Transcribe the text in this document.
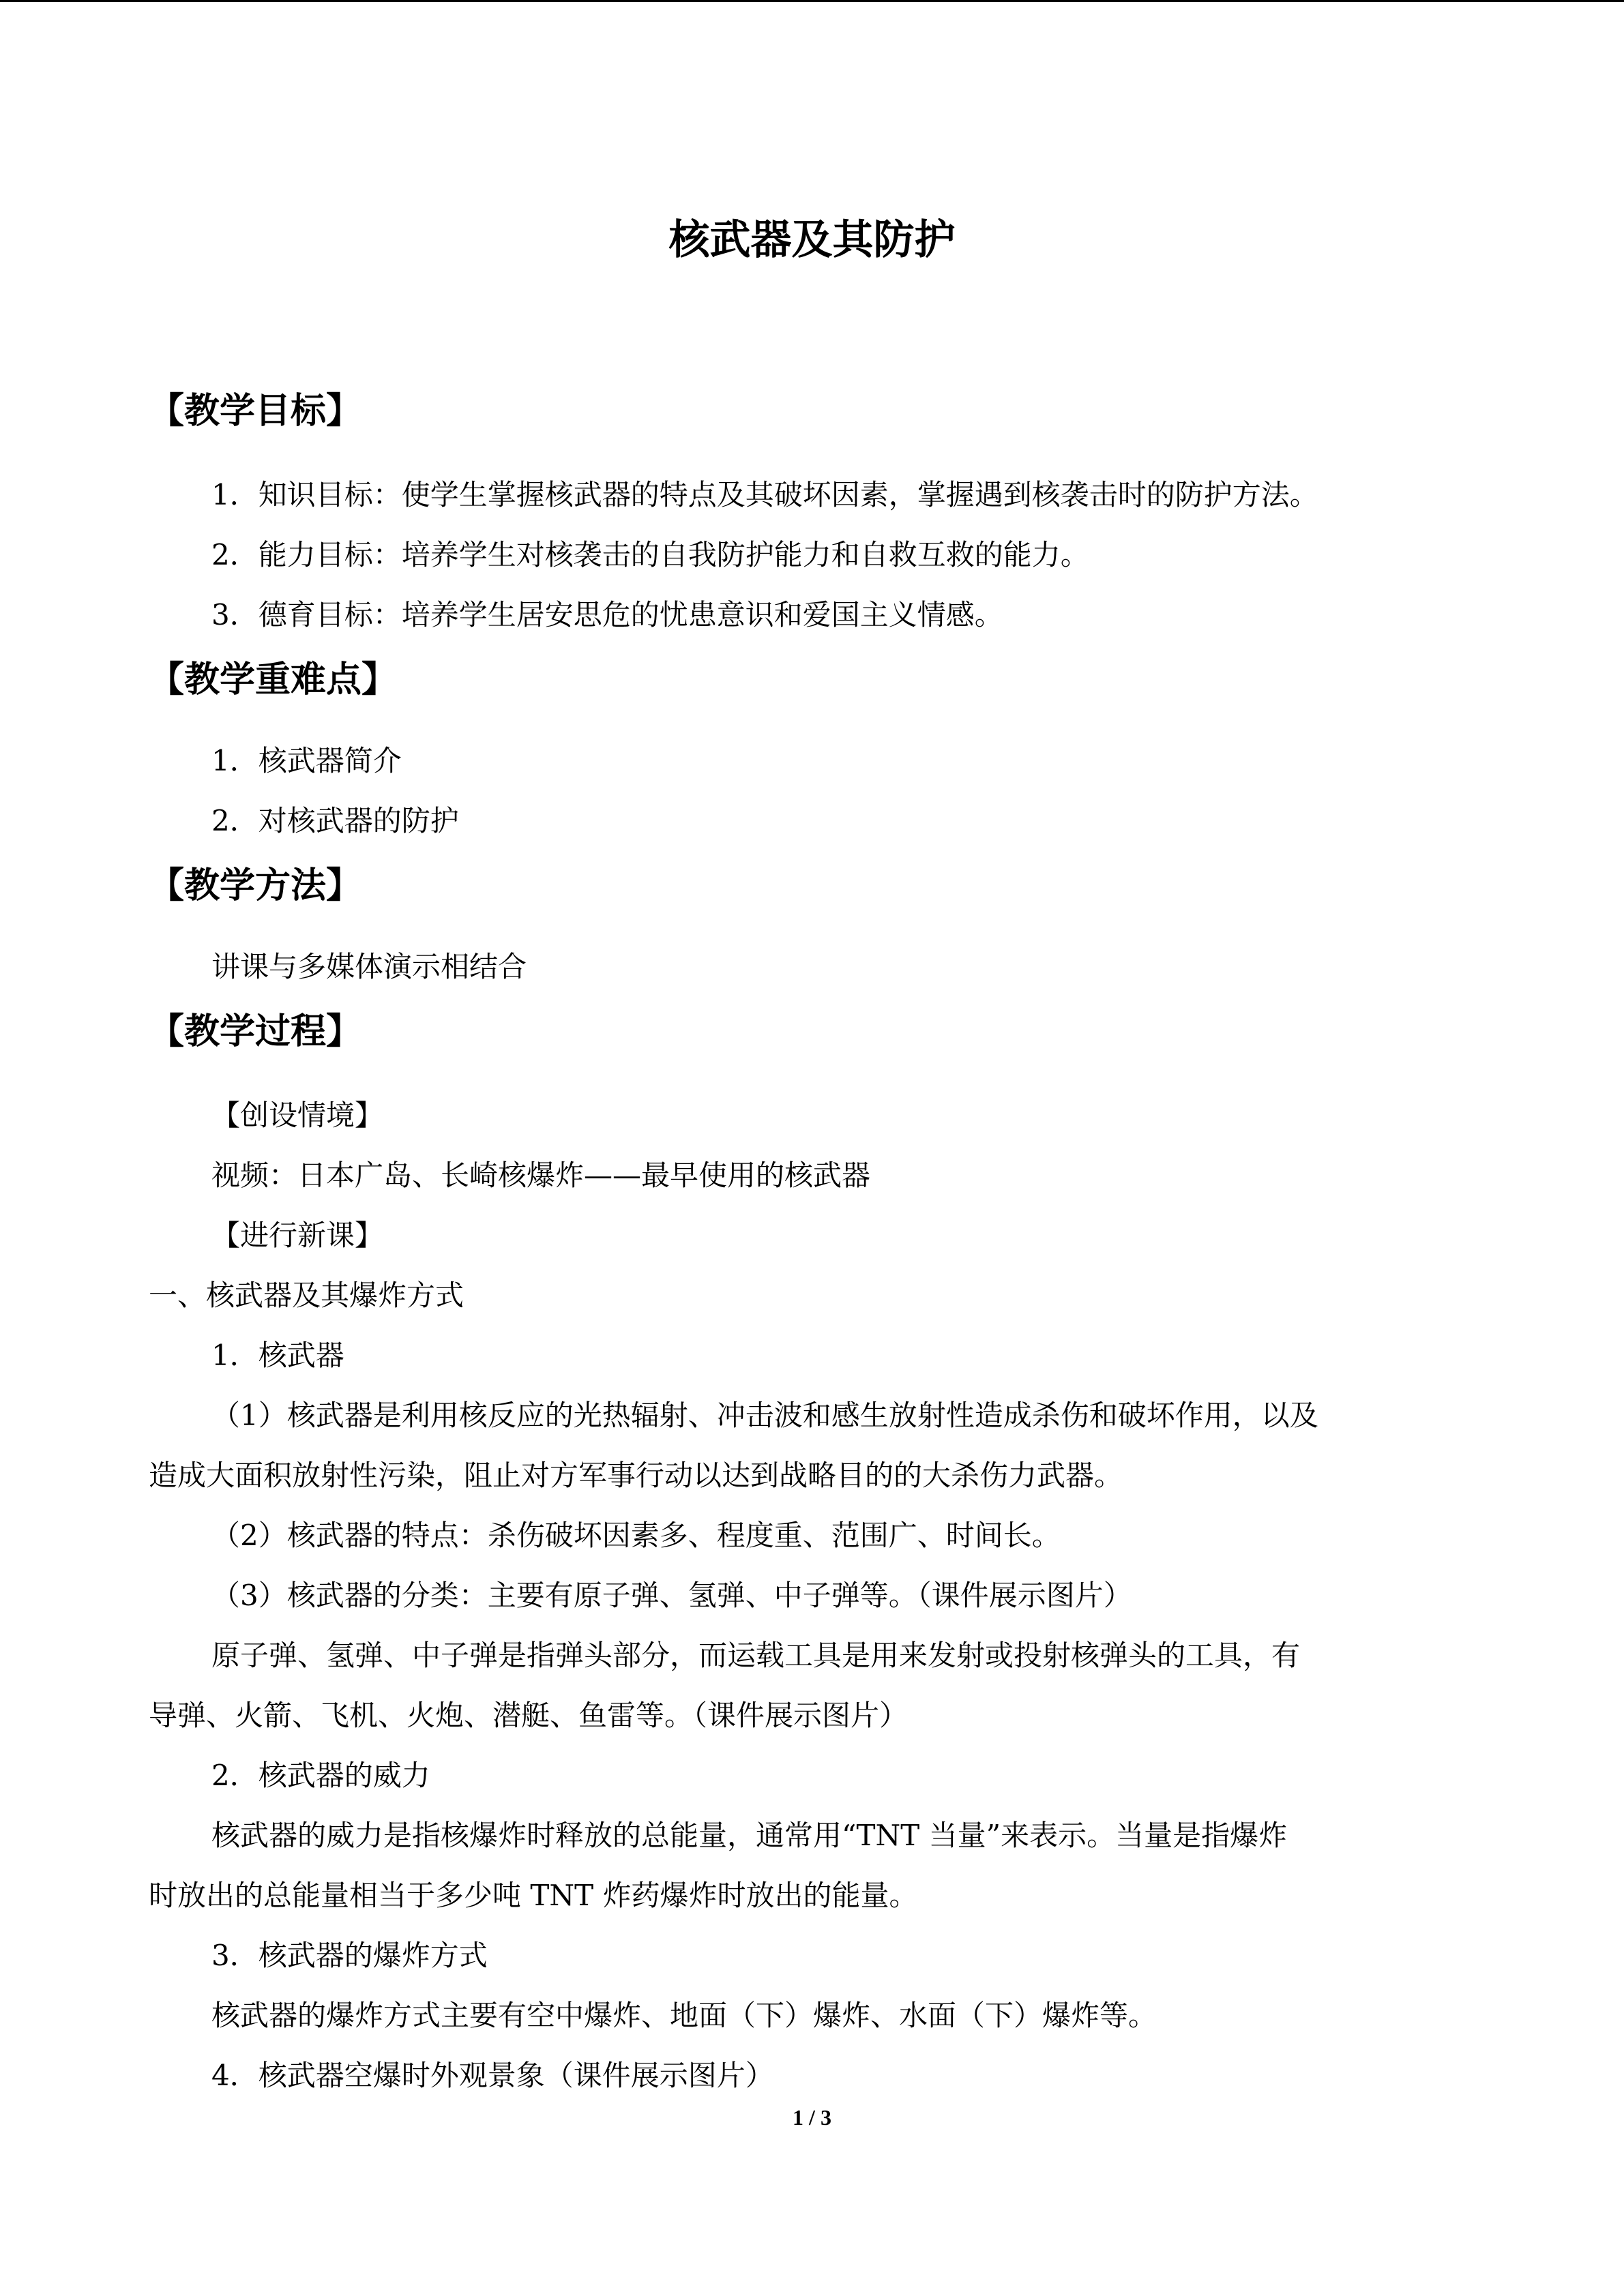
核武器及其防护
【教学目标】
1．知识目标：使学生掌握核武器的特点及其破坏因素，掌握遇到核袭击时的防护方法。
2．能力目标：培养学生对核袭击的自我防护能力和自救互救的能力。
3．德育目标：培养学生居安思危的忧患意识和爱国主义情感。
【教学重难点】
1．核武器简介
2．对核武器的防护
【教学方法】
讲课与多媒体演示相结合
【教学过程】
【创设情境】
视频：日本广岛、长崎核爆炸——最早使用的核武器
【进行新课】
一、核武器及其爆炸方式
1．核武器
（1）核武器是利用核反应的光热辐射、冲击波和感生放射性造成杀伤和破坏作用，以及
造成大面积放射性污染，阻止对方军事行动以达到战略目的的大杀伤力武器。
（2）核武器的特点：杀伤破坏因素多、程度重、范围广、时间长。
（3）核武器的分类：主要有原子弹、氢弹、中子弹等。（课件展示图片）
原子弹、氢弹、中子弹是指弹头部分，而运载工具是用来发射或投射核弹头的工具，有
导弹、火箭、飞机、火炮、潜艇、鱼雷等。（课件展示图片）
2．核武器的威力
核武器的威力是指核爆炸时释放的总能量，通常用“TNT 当量”来表示。当量是指爆炸
时放出的总能量相当于多少吨 TNT 炸药爆炸时放出的能量。
3．核武器的爆炸方式
核武器的爆炸方式主要有空中爆炸、地面（下）爆炸、水面（下）爆炸等。
4．核武器空爆时外观景象（课件展示图片）
1 / 3
